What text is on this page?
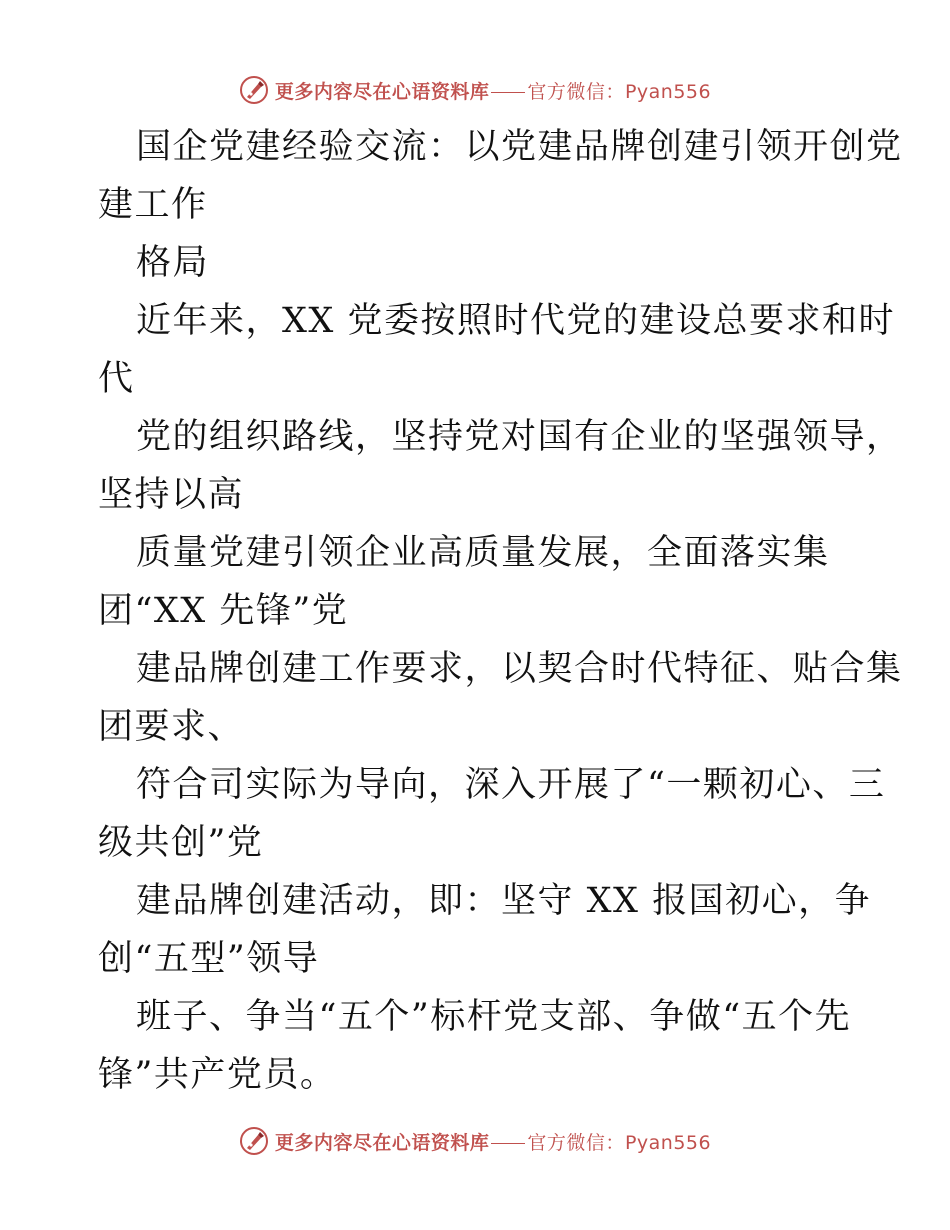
更多内容尽在心语资料库 官方微信：Pyan556
国企党建经验交流：以党建品牌创建引领开创党
建工作
格局
近年来，XX 党委按照时代党的建设总要求和时
代
党的组织路线，坚持党对国有企业的坚强领导，
坚持以高
质量党建引领企业高质量发展，全面落实集
团“XX 先锋”党
建品牌创建工作要求，以契合时代特征、贴合集
团要求、
符合司实际为导向，深入开展了“一颗初心、三
级共创”党
建品牌创建活动，即：坚守 XX 报国初心，争
创“五型”领导
班子、争当“五个”标杆党支部、争做“五个先
锋”共产党员。
更多内容尽在心语资料库 官方微信：Pyan556
